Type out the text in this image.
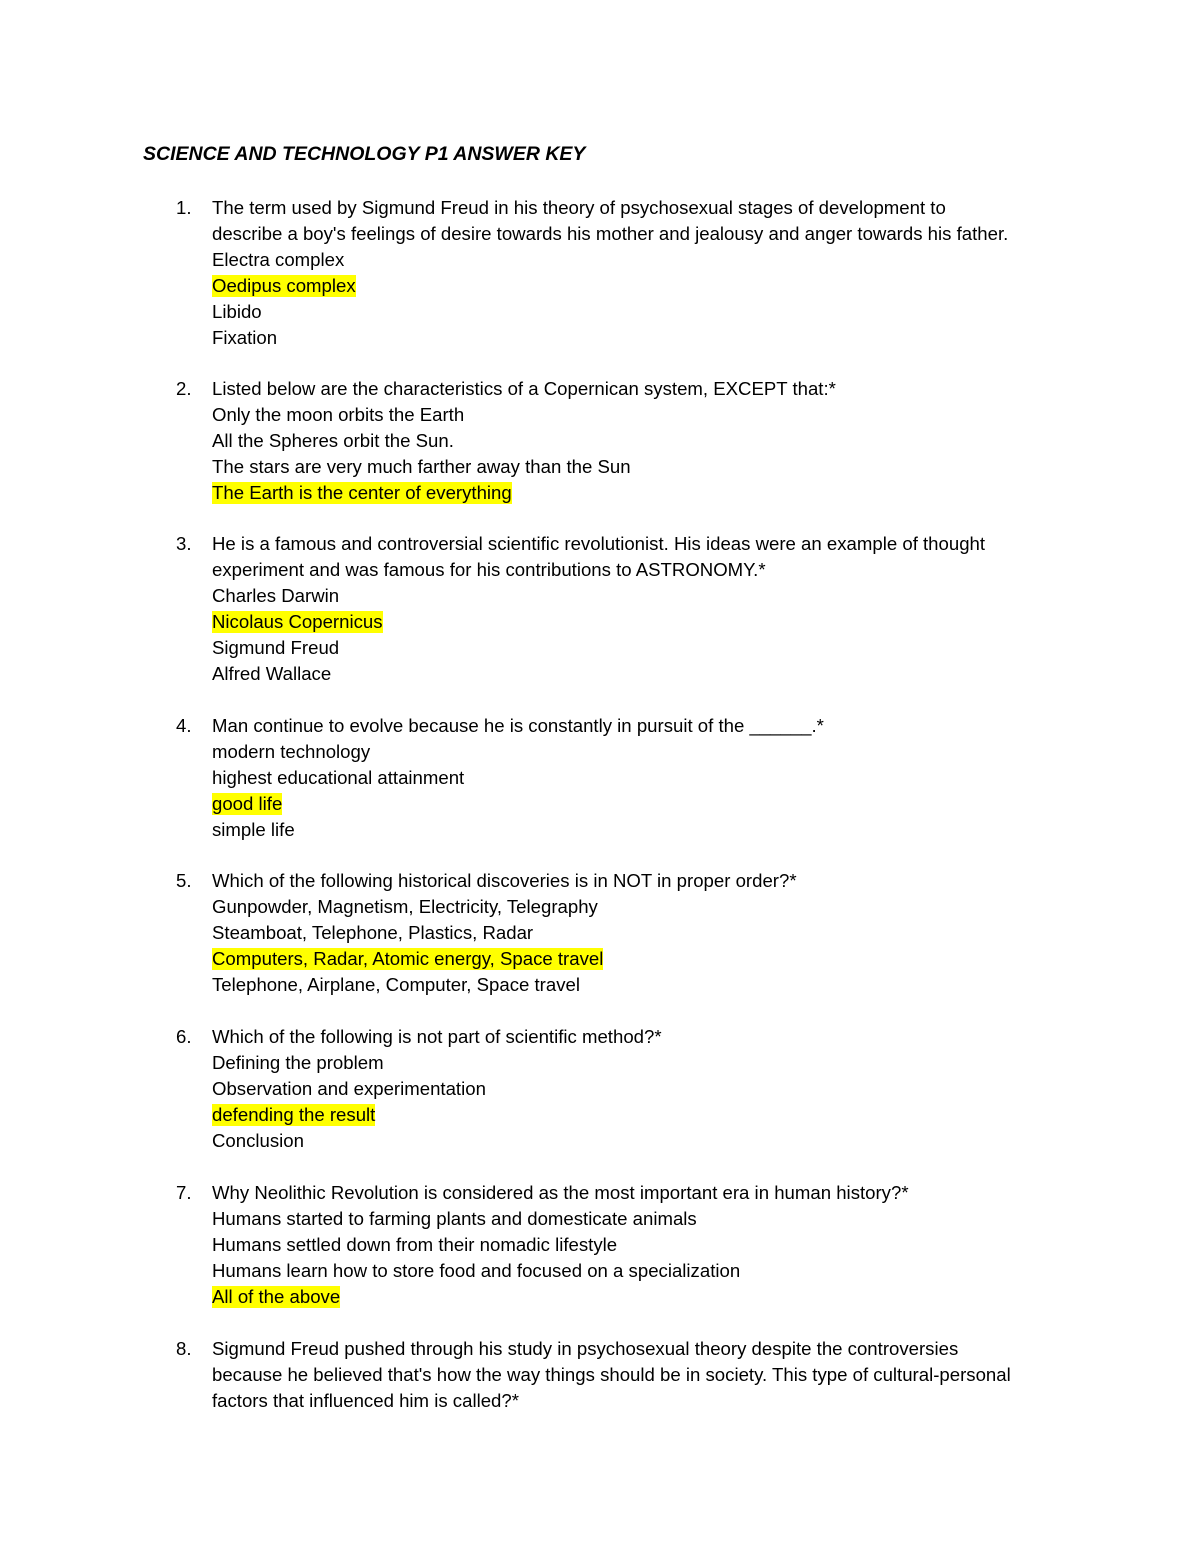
SCIENCE AND TECHNOLOGY P1 ANSWER KEY
1. The term used by Sigmund Freud in his theory of psychosexual stages of development to
describe a boy's feelings of desire towards his mother and jealousy and anger towards his father.
Electra complex
Oedipus complex
Libido
Fixation
2. Listed below are the characteristics of a Copernican system, EXCEPT that:*
Only the moon orbits the Earth
All the Spheres orbit the Sun.
The stars are very much farther away than the Sun
The Earth is the center of everything
3. He is a famous and controversial scientific revolutionist. His ideas were an example of thought
experiment and was famous for his contributions to ASTRONOMY.*
Charles Darwin
Nicolaus Copernicus
Sigmund Freud
Alfred Wallace
4. Man continue to evolve because he is constantly in pursuit of the ______.*
modern technology
highest educational attainment
good life
simple life
5. Which of the following historical discoveries is in NOT in proper order?*
Gunpowder, Magnetism, Electricity, Telegraphy
Steamboat, Telephone, Plastics, Radar
Computers, Radar, Atomic energy, Space travel
Telephone, Airplane, Computer, Space travel
6. Which of the following is not part of scientific method?*
Defining the problem
Observation and experimentation
defending the result
Conclusion
7. Why Neolithic Revolution is considered as the most important era in human history?*
Humans started to farming plants and domesticate animals
Humans settled down from their nomadic lifestyle
Humans learn how to store food and focused on a specialization
All of the above
8. Sigmund Freud pushed through his study in psychosexual theory despite the controversies
because he believed that's how the way things should be in society. This type of cultural-personal
factors that influenced him is called?*
